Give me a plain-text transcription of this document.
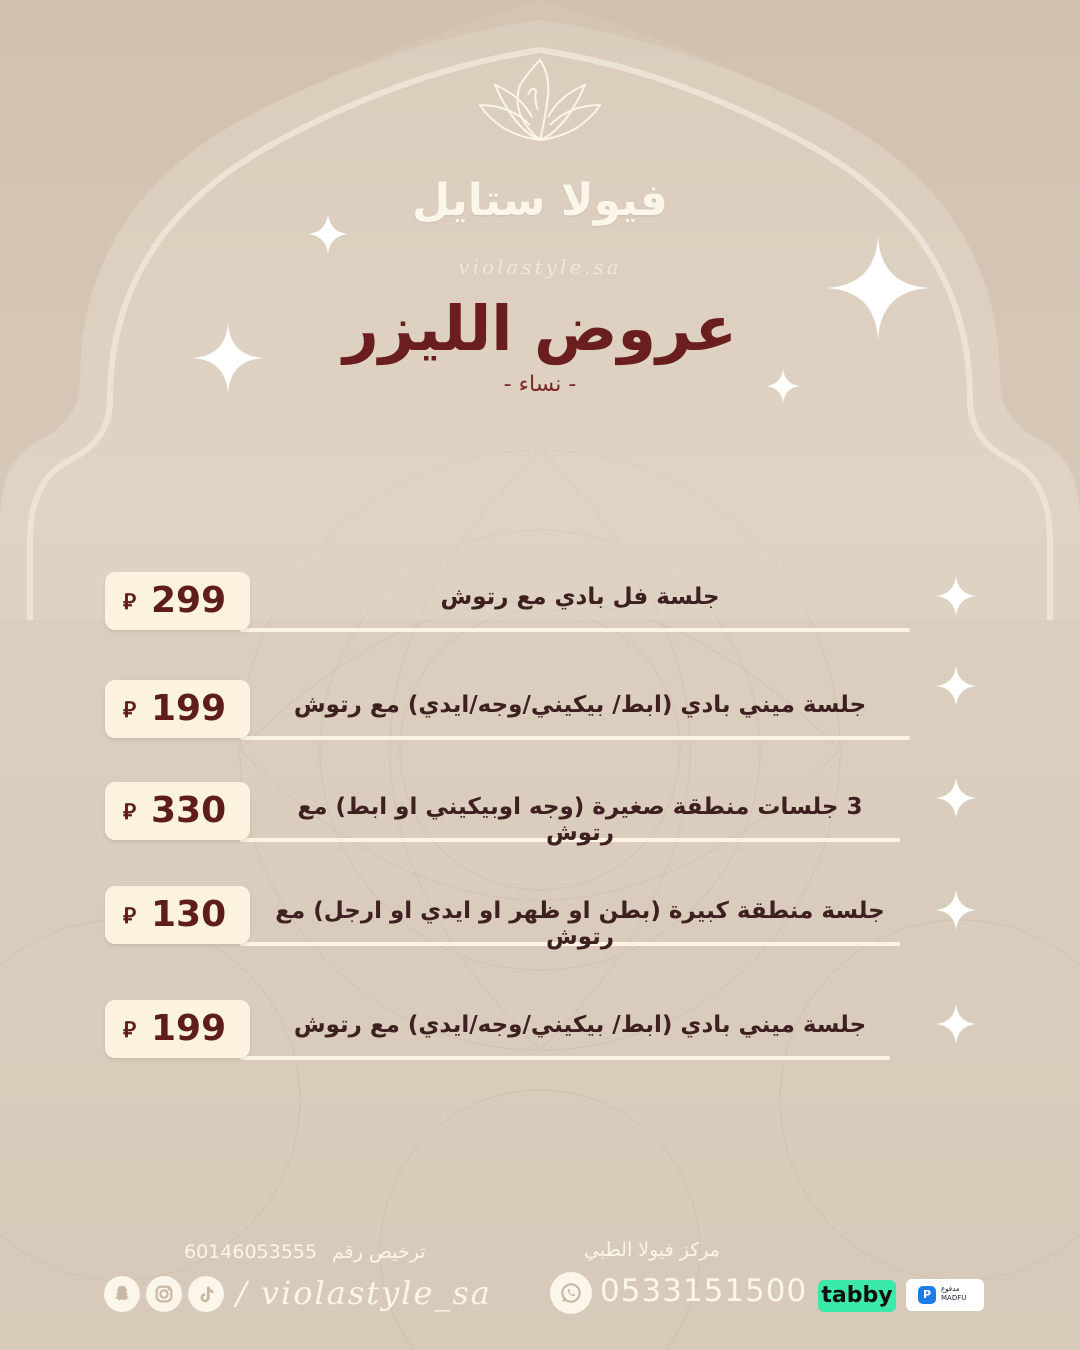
فيولا ستايل
violastyle.sa
عروض الليزر
- نساء -
⃁ 299	جلسة فل بادي مع رتوش
⃁ 199	جلسة ميني بادي (ابط/ بيكيني/وجه/ايدي) مع رتوش
⃁ 330	3 جلسات منطقة صغيرة (وجه اوبيكيني او ابط) مع رتوش
⃁ 130	جلسة منطقة كبيرة (بطن او ظهر او ايدي او ارجل) مع رتوش
⃁ 199	جلسة ميني بادي (ابط/ بيكيني/وجه/ايدي) مع رتوش
ترخيص رقم
60146053555	مركز فيولا الطبي
/ violastyle_sa	0533151500 tabby	P	مدفوع
MADFU
